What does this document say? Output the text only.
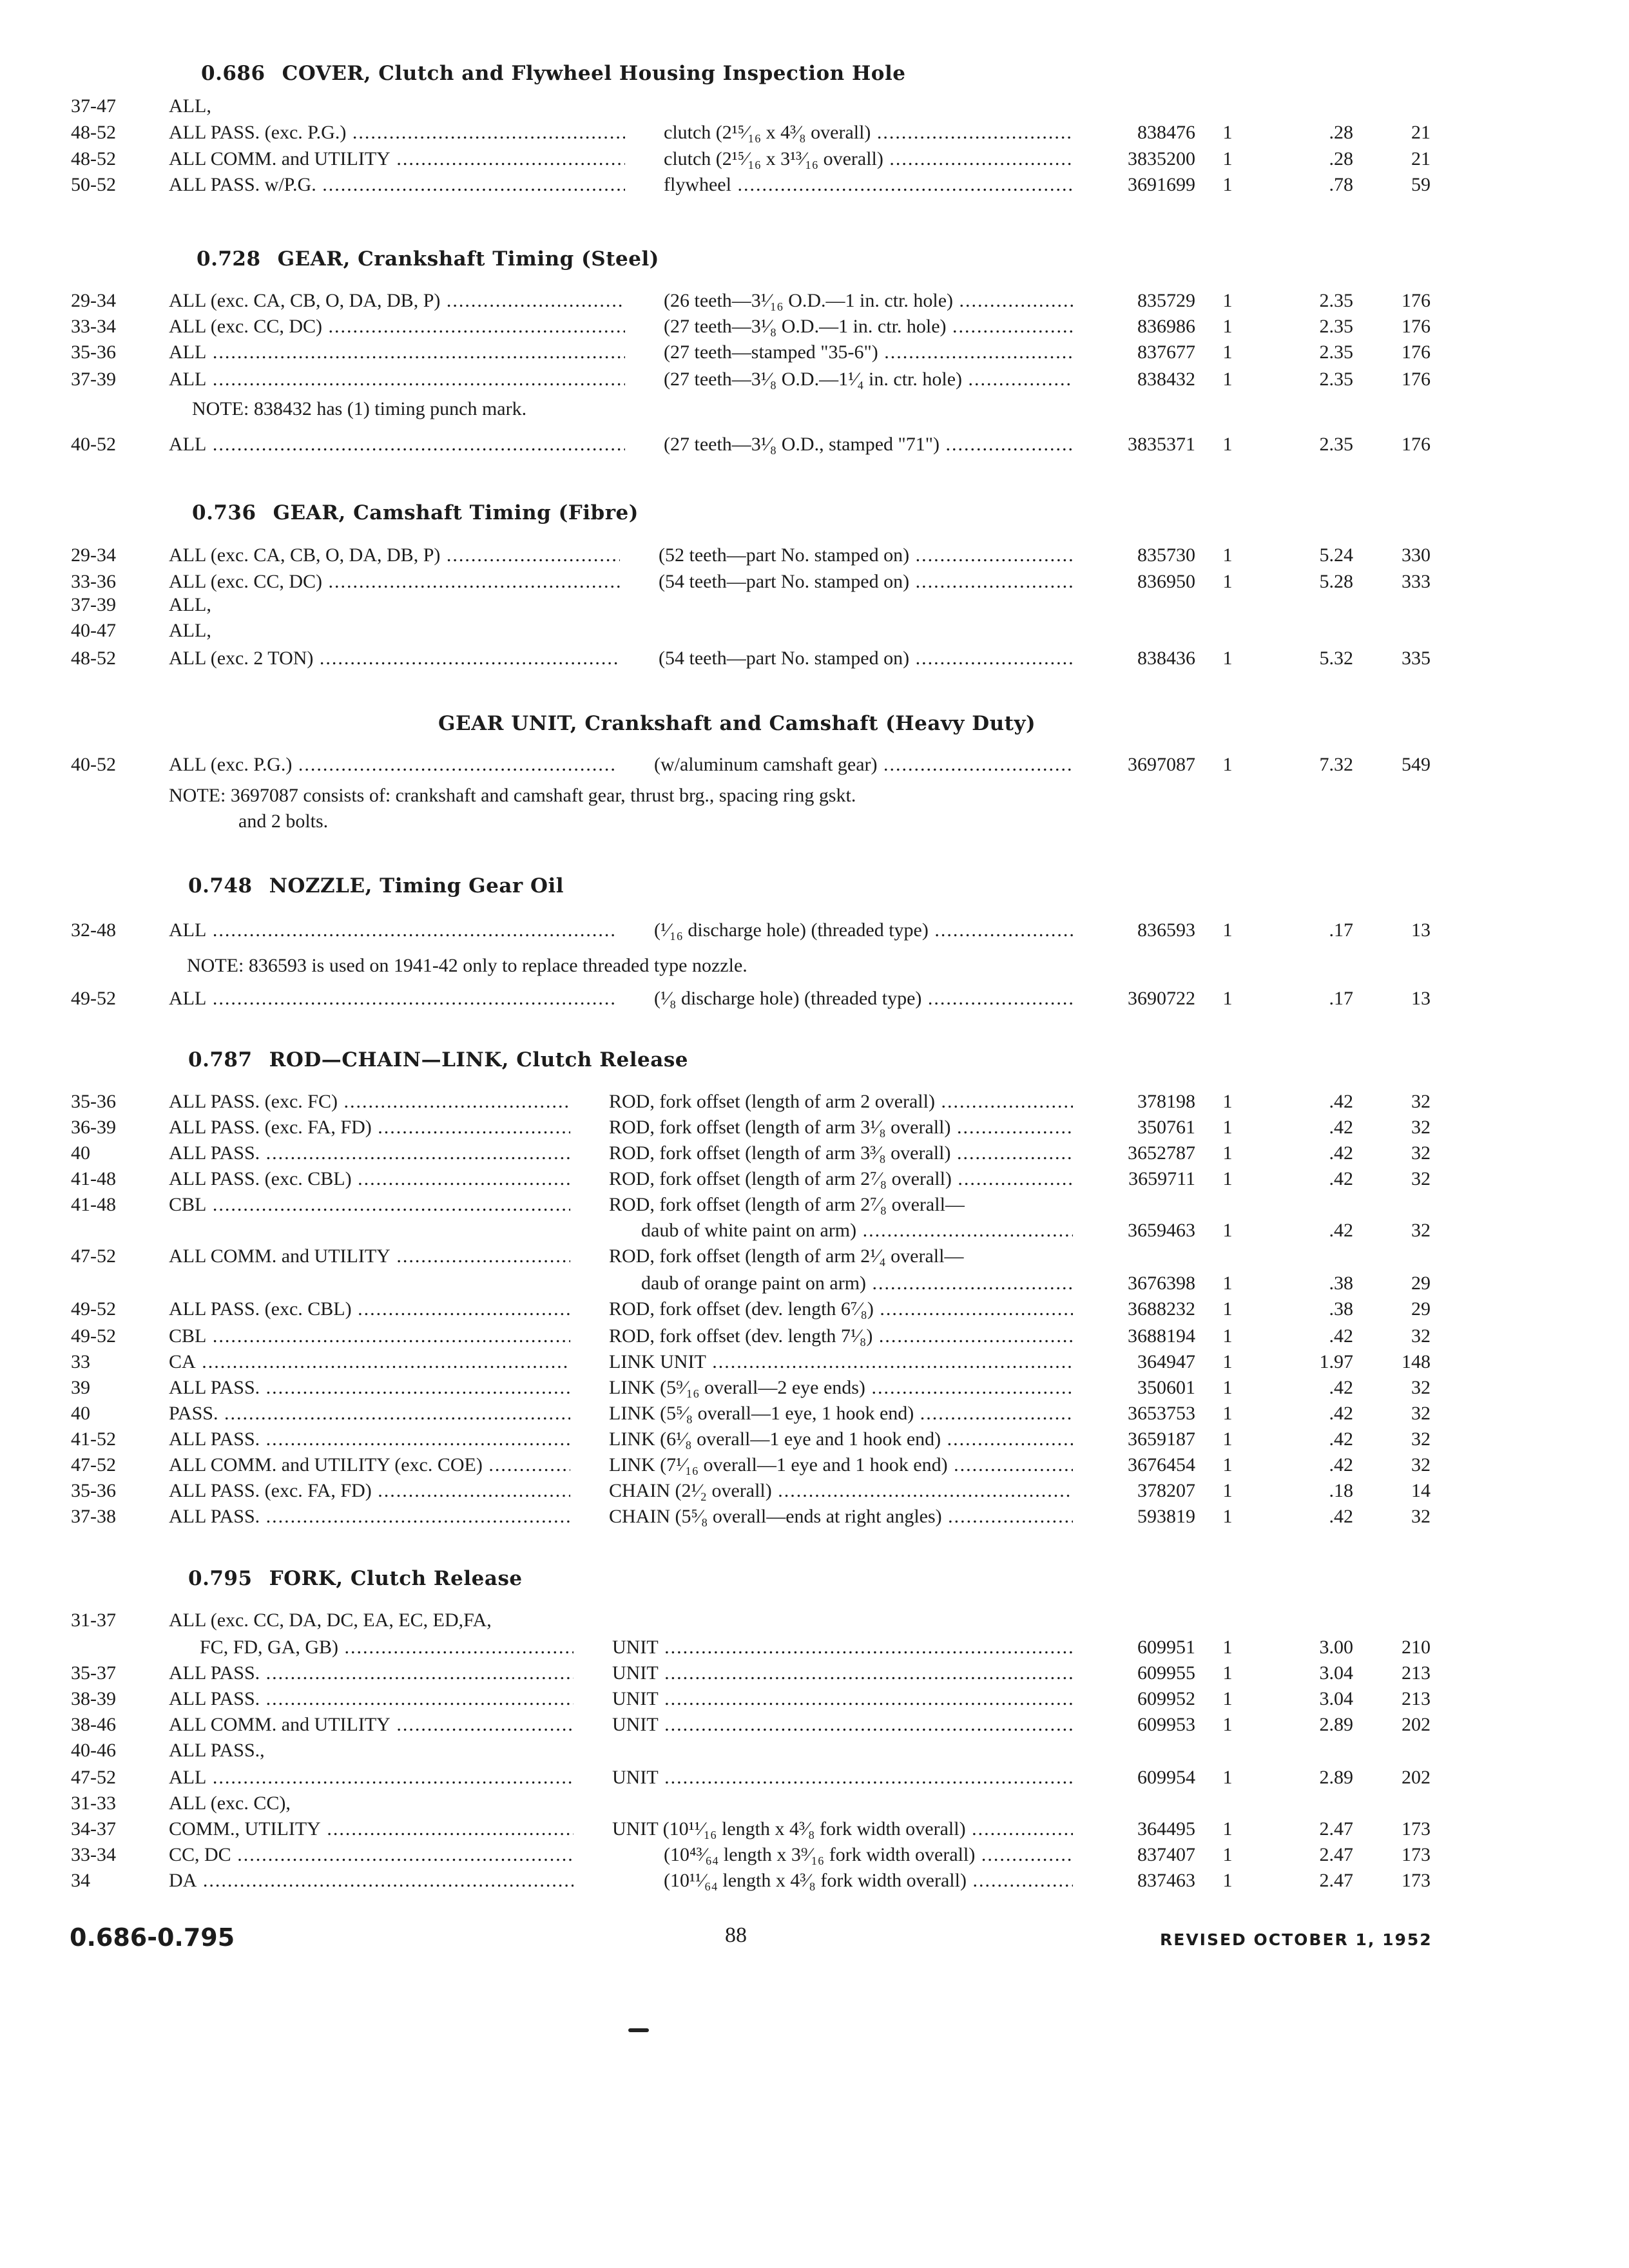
0.686 COVER, Clutch and Flywheel Housing Inspection Hole
37-47	ALL,
48-52	ALL PASS. (exc. P.G.) .....	clutch (2¹⁵⁄₁₆ x 4³⁄₈ overall) .....	838476 1	.28	21
48-52	ALL COMM. and UTILITY .....	clutch (2¹⁵⁄₁₆ x 3¹³⁄₁₆ overall) .....	3835200 1	.28	21
50-52	ALL PASS. w/P.G. .....	flywheel .....	3691699 1	.78	59
0.728 GEAR, Crankshaft Timing (Steel)
29-34	ALL (exc. CA, CB, O, DA, DB, P) .....	(26 teeth—3¹⁄₁₆ O.D.—1 in. ctr. hole) .....	835729 1	2.35	176
33-34	ALL (exc. CC, DC) .....	(27 teeth—3¹⁄₈ O.D.—1 in. ctr. hole) .....	836986 1	2.35	176
35-36	ALL .....	(27 teeth—stamped "35-6") .....	837677 1	2.35	176
37-39	ALL .....	(27 teeth—3¹⁄₈ O.D.—1¹⁄₄ in. ctr. hole) .....	838432 1	2.35	176
40-52	ALL .....	(27 teeth—3¹⁄₈ O.D., stamped "71") .....	3835371 1	2.35	176
NOTE: 838432 has (1) timing punch mark.
0.736 GEAR, Camshaft Timing (Fibre)
29-34	ALL (exc. CA, CB, O, DA, DB, P) .....	(52 teeth—part No. stamped on) .....	835730 1	5.24	330
33-36	ALL (exc. CC, DC) .....	(54 teeth—part No. stamped on) .....	836950 1	5.28	333
37-39	ALL,
40-47	ALL,
48-52	ALL (exc. 2 TON) .....	(54 teeth—part No. stamped on) .....	838436 1	5.32	335
GEAR UNIT, Crankshaft and Camshaft (Heavy Duty)
40-52	ALL (exc. P.G.) .....	(w/aluminum camshaft gear) .....	3697087 1	7.32	549
NOTE: 3697087 consists of: crankshaft and camshaft gear, thrust brg., spacing ring gskt.
and 2 bolts.
0.748 NOZZLE, Timing Gear Oil
32-48	ALL .....	(¹⁄₁₆ discharge hole) (threaded type) .....	836593 1	.17	13
49-52	ALL .....	(¹⁄₈ discharge hole) (threaded type) .....	3690722 1	.17	13
NOTE: 836593 is used on 1941-42 only to replace threaded type nozzle.
0.787 ROD—CHAIN—LINK, Clutch Release
35-36	ALL PASS. (exc. FC) .....	ROD, fork offset (length of arm 2 overall) .....	378198 1	.42	32
36-39	ALL PASS. (exc. FA, FD) .....	ROD, fork offset (length of arm 3¹⁄₈ overall) .....	350761 1	.42	32
40	ALL PASS. .....	ROD, fork offset (length of arm 3³⁄₈ overall) .....	3652787 1	.42	32
41-48	ALL PASS. (exc. CBL) .....	ROD, fork offset (length of arm 2⁷⁄₈ overall) .....	3659711 1	.42	32
41-48	CBL .....	ROD, fork offset (length of arm 2⁷⁄₈ overall—
daub of white paint on arm) .....	3659463 1	.42	32
47-52	ALL COMM. and UTILITY .....	ROD, fork offset (length of arm 2¹⁄₄ overall—
daub of orange paint on arm) .....	3676398 1	.38	29
49-52	ALL PASS. (exc. CBL) .....	ROD, fork offset (dev. length 6⁷⁄₈) .....	3688232 1	.38	29
49-52	CBL .....	ROD, fork offset (dev. length 7¹⁄₈) .....	3688194 1	.42	32
33	CA .....	LINK UNIT .....	364947 1	1.97	148
39	ALL PASS. .....	LINK (5⁹⁄₁₆ overall—2 eye ends) .....	350601 1	.42	32
40	PASS. .....	LINK (5⁵⁄₈ overall—1 eye, 1 hook end) .....	3653753 1	.42	32
41-52	ALL PASS. .....	LINK (6¹⁄₈ overall—1 eye and 1 hook end) .....	3659187 1	.42	32
47-52	ALL COMM. and UTILITY (exc. COE) .....	LINK (7¹⁄₁₆ overall—1 eye and 1 hook end) .....	3676454 1	.42	32
35-36	ALL PASS. (exc. FA, FD) .....	CHAIN (2¹⁄₂ overall) .....	378207 1	.18	14
37-38	ALL PASS. .....	CHAIN (5⁵⁄₈ overall—ends at right angles) .....	593819 1	.42	32
0.795 FORK, Clutch Release
31-37	ALL (exc. CC, DA, DC, EA, EC, ED,FA,
FC, FD, GA, GB) .....	UNIT .....	609951 1	3.00	210
35-37	ALL PASS. .....	UNIT .....	609955 1	3.04	213
38-39	ALL PASS. .....	UNIT .....	609952 1	3.04	213
38-46	ALL COMM. and UTILITY .....	UNIT .....	609953 1	2.89	202
40-46	ALL PASS.,
47-52	ALL .....	UNIT .....	609954 1	2.89	202
31-33	ALL (exc. CC),
34-37	COMM., UTILITY .....	UNIT (10¹¹⁄₁₆ length x 4³⁄₈ fork width overall) .....	364495 1	2.47	173
33-34	CC, DC .....	(10⁴³⁄₆₄ length x 3⁹⁄₁₆ fork width overall) .....	837407 1	2.47	173
34	DA .....	(10¹¹⁄₆₄ length x 4³⁄₈ fork width overall) .....	837463 1	2.47	173
0.686-0.795	88	REVISED OCTOBER 1, 1952
